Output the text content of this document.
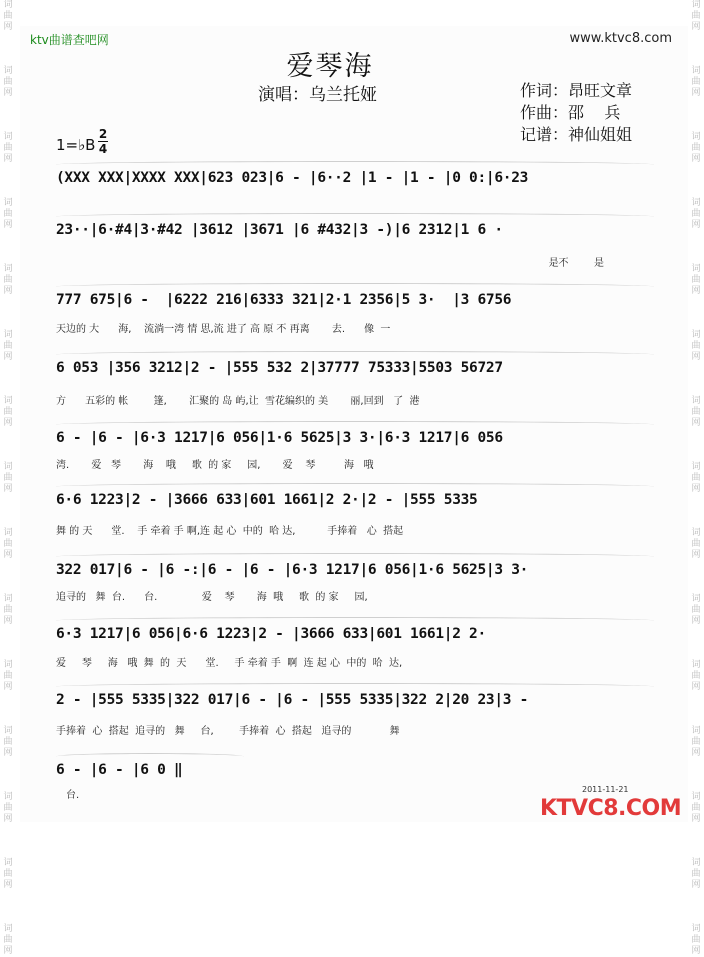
词
曲
网

词
曲
网

词
曲
网

词
曲
网

词
曲
网

词
曲
网

词
曲
网

词
曲
网

词
曲
网

词
曲
网

词
曲
网

词
曲
网

词
曲
网

词
曲
网

词
曲
网
词
曲
网

词
曲
网

词
曲
网

词
曲
网

词
曲
网

词
曲
网

词
曲
网

词
曲
网

词
曲
网

词
曲
网

词
曲
网

词
曲
网

词
曲
网

词
曲
网

词
曲
网
ktv曲谱查吧网	www.ktvc8.com
爱琴海
演唱：乌兰托娅	作词：昂旺文章
作曲：邵    兵
记谱：神仙姐姐
1=♭B
2
4
(XXX XXX|XXXX XXX|623 023|6 - |6··2 |1 - |1 - |0 0:|6·23
23··|6·#4|3·#42 |3612 |3671 |6 #432|3 -)|6 2312|1 6 ·
是不        是
777 675|6 -  |6222 216|6333 321|2·1 2356|5 3·  |3 6756
天边的 大      海,    流淌一湾 情 思,流 进了 高 原 不 再离       去.      像  一
6 053 |356 3212|2 - |555 532 2|37777 75333|5503 56727
方      五彩的 帐        篷,       汇聚的 岛 屿,让  雪花编织的 美       丽,回到   了  港
6 - |6 - |6·3 1217|6 056|1·6 5625|3 3·|6·3 1217|6 056
湾.       爱   琴       海    哦     歌  的 家     园,       爱    琴         海   哦
6·6 1223|2 - |3666 633|601 1661|2 2·|2 - |555 5335
舞 的 天      堂.    手 牵着 手 啊,连 起 心  中的  哈 达,          手捧着   心  搭起
322 017|6 - |6 -:|6 - |6 - |6·3 1217|6 056|1·6 5625|3 3·
追寻的   舞  台.      台.              爱    琴       海  哦     歌  的 家     园,
6·3 1217|6 056|6·6 1223|2 - |3666 633|601 1661|2 2·
爱     琴     海   哦  舞  的  天      堂.     手 牵着 手  啊  连 起 心  中的  哈  达,
2 - |555 5335|322 017|6 - |6 - |555 5335|322 2|20 23|3 -
手捧着  心  搭起  追寻的   舞     台,        手捧着  心  搭起   追寻的            舞
6 - |6 - |6 0 ‖
台.
2011-11-21
KTVC8.COM
